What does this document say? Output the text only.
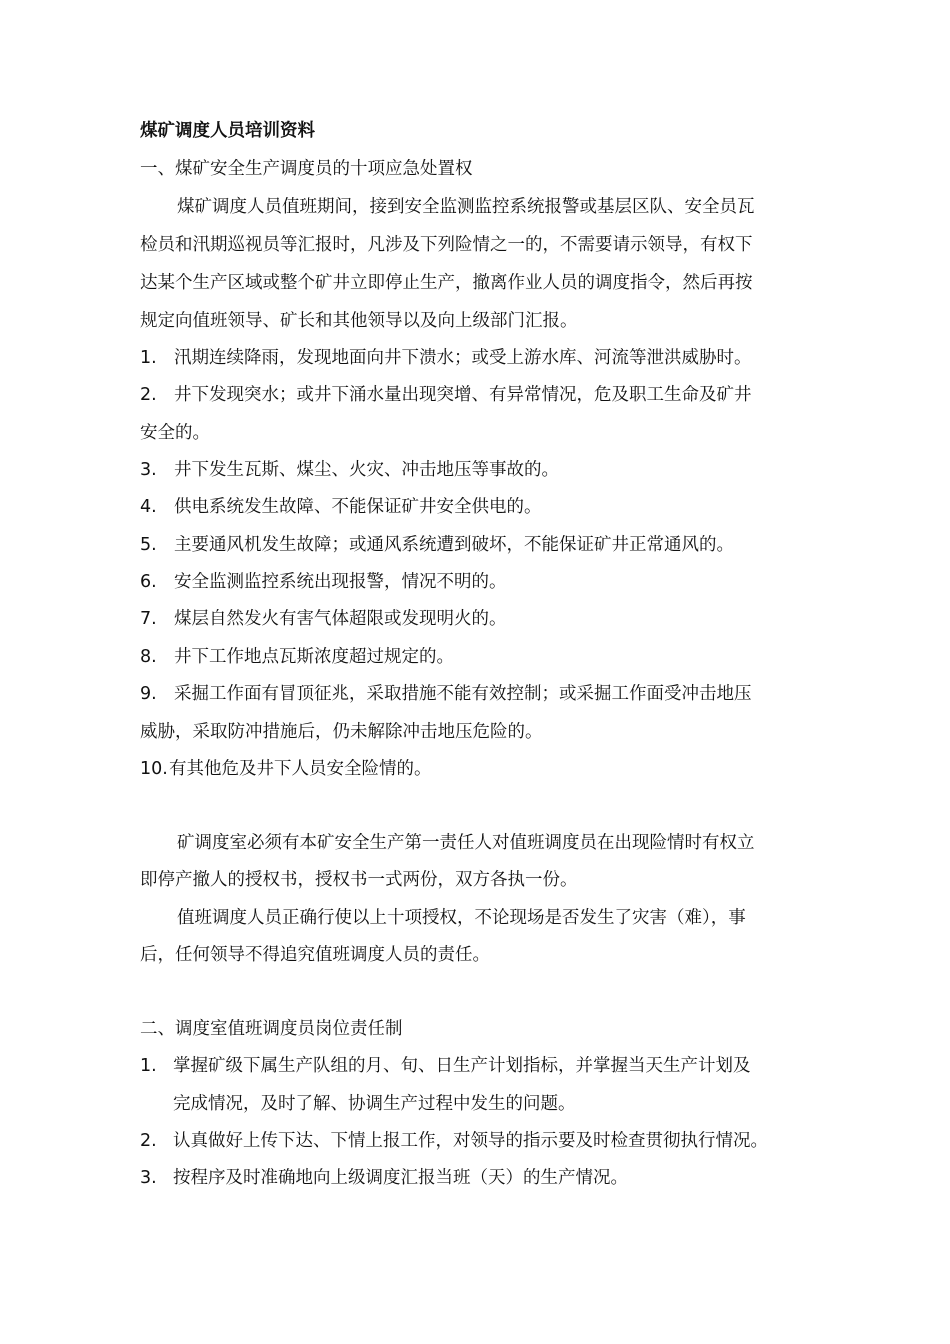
煤矿调度人员培训资料
一、煤矿安全生产调度员的十项应急处置权
煤矿调度人员值班期间，接到安全监测监控系统报警或基层区队、安全员瓦
检员和汛期巡视员等汇报时，凡涉及下列险情之一的，不需要请示领导，有权下
达某个生产区域或整个矿井立即停止生产，撤离作业人员的调度指令，然后再按
规定向值班领导、矿长和其他领导以及向上级部门汇报。
1. 汛期连续降雨，发现地面向井下溃水；或受上游水库、河流等泄洪威胁时。
2. 井下发现突水；或井下涌水量出现突增、有异常情况，危及职工生命及矿井
安全的。
3. 井下发生瓦斯、煤尘、火灾、冲击地压等事故的。
4. 供电系统发生故障、不能保证矿井安全供电的。
5. 主要通风机发生故障；或通风系统遭到破坏，不能保证矿井正常通风的。
6. 安全监测监控系统出现报警，情况不明的。
7. 煤层自然发火有害气体超限或发现明火的。
8. 井下工作地点瓦斯浓度超过规定的。
9. 采掘工作面有冒顶征兆，采取措施不能有效控制；或采掘工作面受冲击地压
威胁，采取防冲措施后，仍未解除冲击地压危险的。
10.有其他危及井下人员安全险情的。
矿调度室必须有本矿安全生产第一责任人对值班调度员在出现险情时有权立
即停产撤人的授权书，授权书一式两份，双方各执一份。
值班调度人员正确行使以上十项授权，不论现场是否发生了灾害（难），事
后，任何领导不得追究值班调度人员的责任。
二、调度室值班调度员岗位责任制
1. 掌握矿级下属生产队组的月、旬、日生产计划指标，并掌握当天生产计划及
完成情况，及时了解、协调生产过程中发生的问题。
2. 认真做好上传下达、下情上报工作，对领导的指示要及时检查贯彻执行情况。
3. 按程序及时准确地向上级调度汇报当班（天）的生产情况。
